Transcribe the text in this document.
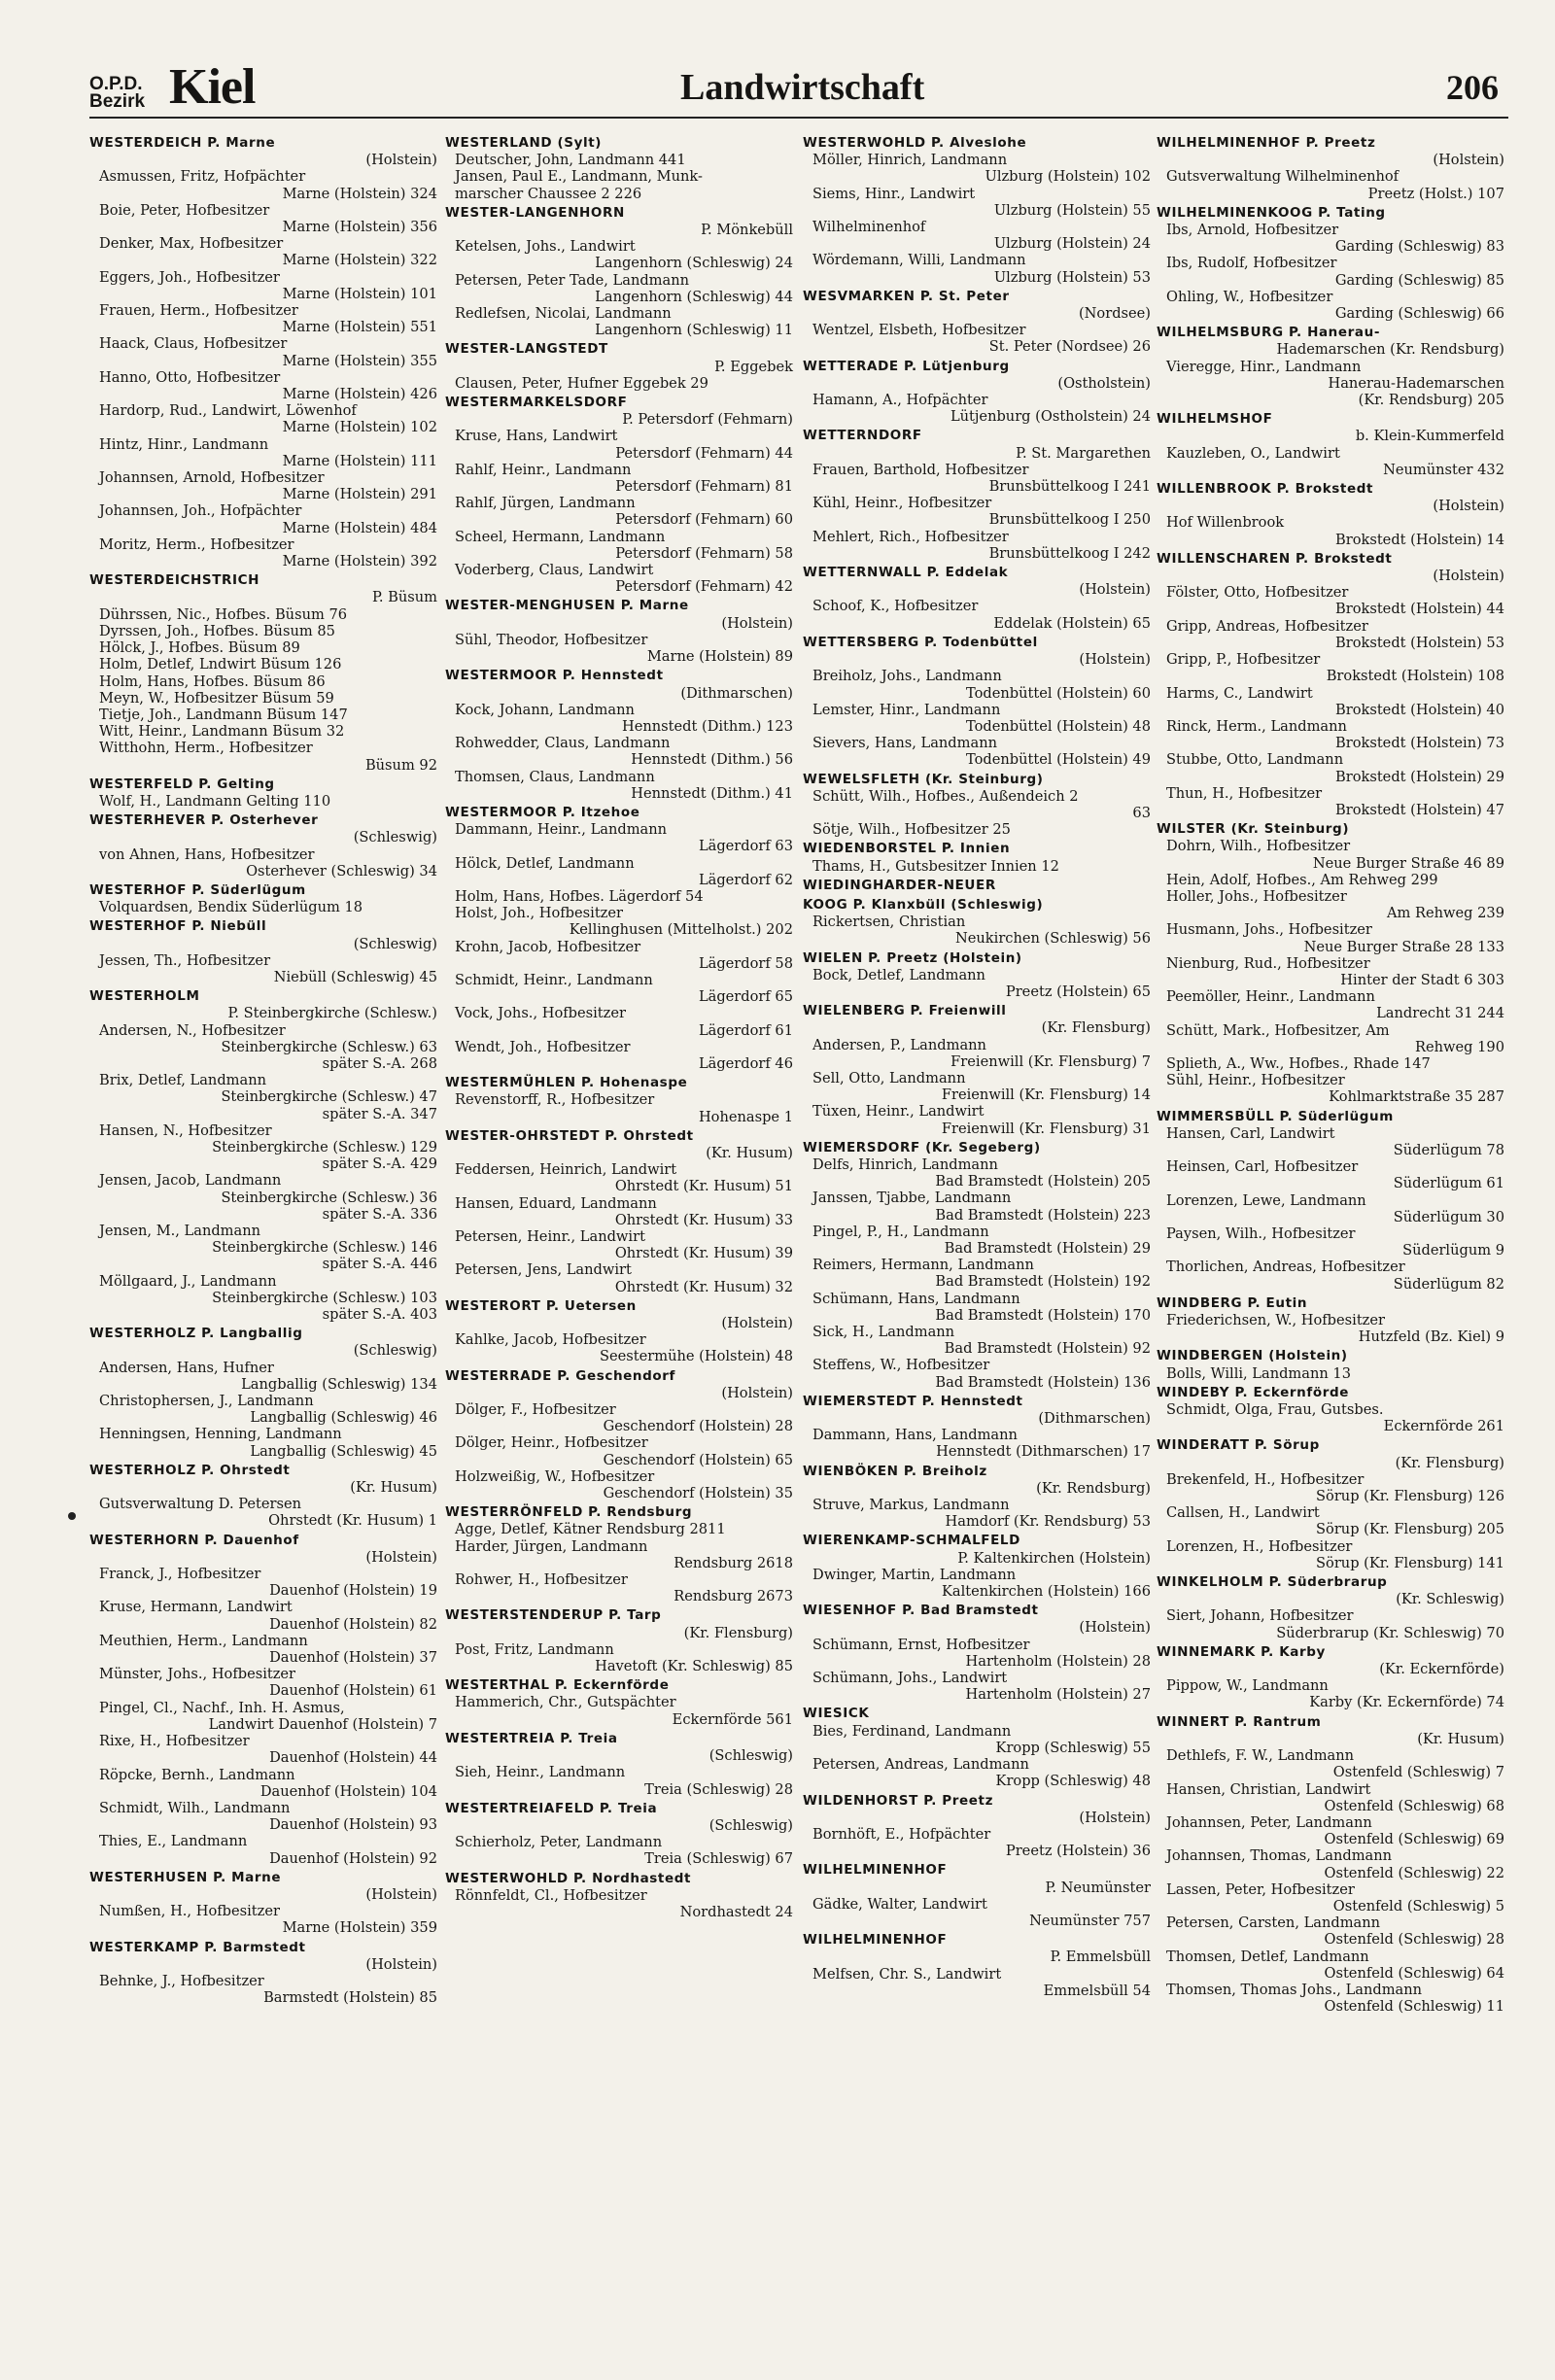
O.P.D.
Bezirk Kiel	Landwirtschaft	206
WESTERDEICH P. Marne
(Holstein)
Asmussen, Fritz, Hofpächter
Marne (Holstein) 324
Boie, Peter, Hofbesitzer
Marne (Holstein) 356
Denker, Max, Hofbesitzer
Marne (Holstein) 322
Eggers, Joh., Hofbesitzer
Marne (Holstein) 101
Frauen, Herm., Hofbesitzer
Marne (Holstein) 551
Haack, Claus, Hofbesitzer
Marne (Holstein) 355
Hanno, Otto, Hofbesitzer
Marne (Holstein) 426
Hardorp, Rud., Landwirt, Löwenhof
Marne (Holstein) 102
Hintz, Hinr., Landmann
Marne (Holstein) 111
Johannsen, Arnold, Hofbesitzer
Marne (Holstein) 291
Johannsen, Joh., Hofpächter
Marne (Holstein) 484
Moritz, Herm., Hofbesitzer
Marne (Holstein) 392
WESTERDEICHSTRICH
P. Büsum
Dührssen, Nic., Hofbes. Büsum 76
Dyrssen, Joh., Hofbes. Büsum 85
Hölck, J., Hofbes. Büsum 89
Holm, Detlef, Lndwirt Büsum 126
Holm, Hans, Hofbes. Büsum 86
Meyn, W., Hofbesitzer Büsum 59
Tietje, Joh., Landmann Büsum 147
Witt, Heinr., Landmann Büsum 32
Witthohn, Herm., Hofbesitzer
Büsum 92
WESTERFELD P. Gelting
Wolf, H., Landmann Gelting 110
WESTERHEVER P. Osterhever
(Schleswig)
von Ahnen, Hans, Hofbesitzer
Osterhever (Schleswig) 34
WESTERHOF P. Süderlügum
Volquardsen, Bendix Süderlügum 18
WESTERHOF P. Niebüll
(Schleswig)
Jessen, Th., Hofbesitzer
Niebüll (Schleswig) 45
WESTERHOLM
P. Steinbergkirche (Schlesw.)
Andersen, N., Hofbesitzer
Steinbergkirche (Schlesw.) 63
später S.-A. 268
Brix, Detlef, Landmann
Steinbergkirche (Schlesw.) 47
später S.-A. 347
Hansen, N., Hofbesitzer
Steinbergkirche (Schlesw.) 129
später S.-A. 429
Jensen, Jacob, Landmann
Steinbergkirche (Schlesw.) 36
später S.-A. 336
Jensen, M., Landmann
Steinbergkirche (Schlesw.) 146
später S.-A. 446
Möllgaard, J., Landmann
Steinbergkirche (Schlesw.) 103
später S.-A. 403
WESTERHOLZ P. Langballig
(Schleswig)
Andersen, Hans, Hufner
Langballig (Schleswig) 134
Christophersen, J., Landmann
Langballig (Schleswig) 46
Henningsen, Henning, Landmann
Langballig (Schleswig) 45
WESTERHOLZ P. Ohrstedt
(Kr. Husum)
Gutsverwaltung D. Petersen
Ohrstedt (Kr. Husum) 1
WESTERHORN P. Dauenhof
(Holstein)
Franck, J., Hofbesitzer
Dauenhof (Holstein) 19
Kruse, Hermann, Landwirt
Dauenhof (Holstein) 82
Meuthien, Herm., Landmann
Dauenhof (Holstein) 37
Münster, Johs., Hofbesitzer
Dauenhof (Holstein) 61
Pingel, Cl., Nachf., Inh. H. Asmus,
Landwirt Dauenhof (Holstein) 7
Rixe, H., Hofbesitzer
Dauenhof (Holstein) 44
Röpcke, Bernh., Landmann
Dauenhof (Holstein) 104
Schmidt, Wilh., Landmann
Dauenhof (Holstein) 93
Thies, E., Landmann
Dauenhof (Holstein) 92
WESTERHUSEN P. Marne
(Holstein)
Numßen, H., Hofbesitzer
Marne (Holstein) 359
WESTERKAMP P. Barmstedt
(Holstein)
Behnke, J., Hofbesitzer
Barmstedt (Holstein) 85
WESTERLAND (Sylt)
Deutscher, John, Landmann 441
Jansen, Paul E., Landmann, Munk-
marscher Chaussee 2 226
WESTER-LANGENHORN
P. Mönkebüll
Ketelsen, Johs., Landwirt
Langenhorn (Schleswig) 24
Petersen, Peter Tade, Landmann
Langenhorn (Schleswig) 44
Redlefsen, Nicolai, Landmann
Langenhorn (Schleswig) 11
WESTER-LANGSTEDT
P. Eggebek
Clausen, Peter, Hufner Eggebek 29
WESTERMARKELSDORF
P. Petersdorf (Fehmarn)
Kruse, Hans, Landwirt
Petersdorf (Fehmarn) 44
Rahlf, Heinr., Landmann
Petersdorf (Fehmarn) 81
Rahlf, Jürgen, Landmann
Petersdorf (Fehmarn) 60
Scheel, Hermann, Landmann
Petersdorf (Fehmarn) 58
Voderberg, Claus, Landwirt
Petersdorf (Fehmarn) 42
WESTER-MENGHUSEN P. Marne
(Holstein)
Sühl, Theodor, Hofbesitzer
Marne (Holstein) 89
WESTERMOOR P. Hennstedt
(Dithmarschen)
Kock, Johann, Landmann
Hennstedt (Dithm.) 123
Rohwedder, Claus, Landmann
Hennstedt (Dithm.) 56
Thomsen, Claus, Landmann
Hennstedt (Dithm.) 41
WESTERMOOR P. Itzehoe
Dammann, Heinr., Landmann
Lägerdorf 63
Hölck, Detlef, Landmann
Lägerdorf 62
Holm, Hans, Hofbes. Lägerdorf 54
Holst, Joh., Hofbesitzer
Kellinghusen (Mittelholst.) 202
Krohn, Jacob, Hofbesitzer
Lägerdorf 58
Schmidt, Heinr., Landmann
Lägerdorf 65
Vock, Johs., Hofbesitzer
Lägerdorf 61
Wendt, Joh., Hofbesitzer
Lägerdorf 46
WESTERMÜHLEN P. Hohenaspe
Revenstorff, R., Hofbesitzer
Hohenaspe 1
WESTER-OHRSTEDT P. Ohrstedt
(Kr. Husum)
Feddersen, Heinrich, Landwirt
Ohrstedt (Kr. Husum) 51
Hansen, Eduard, Landmann
Ohrstedt (Kr. Husum) 33
Petersen, Heinr., Landwirt
Ohrstedt (Kr. Husum) 39
Petersen, Jens, Landwirt
Ohrstedt (Kr. Husum) 32
WESTERORT P. Uetersen
(Holstein)
Kahlke, Jacob, Hofbesitzer
Seestermühe (Holstein) 48
WESTERRADE P. Geschendorf
(Holstein)
Dölger, F., Hofbesitzer
Geschendorf (Holstein) 28
Dölger, Heinr., Hofbesitzer
Geschendorf (Holstein) 65
Holzweißig, W., Hofbesitzer
Geschendorf (Holstein) 35
WESTERRÖNFELD P. Rendsburg
Agge, Detlef, Kätner Rendsburg 2811
Harder, Jürgen, Landmann
Rendsburg 2618
Rohwer, H., Hofbesitzer
Rendsburg 2673
WESTERSTENDERUP P. Tarp
(Kr. Flensburg)
Post, Fritz, Landmann
Havetoft (Kr. Schleswig) 85
WESTERTHAL P. Eckernförde
Hammerich, Chr., Gutspächter
Eckernförde 561
WESTERTREIA P. Treia
(Schleswig)
Sieh, Heinr., Landmann
Treia (Schleswig) 28
WESTERTREIAFELD P. Treia
(Schleswig)
Schierholz, Peter, Landmann
Treia (Schleswig) 67
WESTERWOHLD P. Nordhastedt
Rönnfeldt, Cl., Hofbesitzer
Nordhastedt 24
WESTERWOHLD P. Alveslohe
Möller, Hinrich, Landmann
Ulzburg (Holstein) 102
Siems, Hinr., Landwirt
Ulzburg (Holstein) 55
Wilhelminenhof
Ulzburg (Holstein) 24
Wördemann, Willi, Landmann
Ulzburg (Holstein) 53
WESVMARKEN P. St. Peter
(Nordsee)
Wentzel, Elsbeth, Hofbesitzer
St. Peter (Nordsee) 26
WETTERADE P. Lütjenburg
(Ostholstein)
Hamann, A., Hofpächter
Lütjenburg (Ostholstein) 24
WETTERNDORF
P. St. Margarethen
Frauen, Barthold, Hofbesitzer
Brunsbüttelkoog I 241
Kühl, Heinr., Hofbesitzer
Brunsbüttelkoog I 250
Mehlert, Rich., Hofbesitzer
Brunsbüttelkoog I 242
WETTERNWALL P. Eddelak
(Holstein)
Schoof, K., Hofbesitzer
Eddelak (Holstein) 65
WETTERSBERG P. Todenbüttel
(Holstein)
Breiholz, Johs., Landmann
Todenbüttel (Holstein) 60
Lemster, Hinr., Landmann
Todenbüttel (Holstein) 48
Sievers, Hans, Landmann
Todenbüttel (Holstein) 49
WEWELSFLETH (Kr. Steinburg)
Schütt, Wilh., Hofbes., Außendeich 2
63
Sötje, Wilh., Hofbesitzer 25
WIEDENBORSTEL P. Innien
Thams, H., Gutsbesitzer Innien 12
WIEDINGHARDER-NEUER
KOOG P. Klanxbüll (Schleswig)
Rickertsen, Christian
Neukirchen (Schleswig) 56
WIELEN P. Preetz (Holstein)
Bock, Detlef, Landmann
Preetz (Holstein) 65
WIELENBERG P. Freienwill
(Kr. Flensburg)
Andersen, P., Landmann
Freienwill (Kr. Flensburg) 7
Sell, Otto, Landmann
Freienwill (Kr. Flensburg) 14
Tüxen, Heinr., Landwirt
Freienwill (Kr. Flensburg) 31
WIEMERSDORF (Kr. Segeberg)
Delfs, Hinrich, Landmann
Bad Bramstedt (Holstein) 205
Janssen, Tjabbe, Landmann
Bad Bramstedt (Holstein) 223
Pingel, P., H., Landmann
Bad Bramstedt (Holstein) 29
Reimers, Hermann, Landmann
Bad Bramstedt (Holstein) 192
Schümann, Hans, Landmann
Bad Bramstedt (Holstein) 170
Sick, H., Landmann
Bad Bramstedt (Holstein) 92
Steffens, W., Hofbesitzer
Bad Bramstedt (Holstein) 136
WIEMERSTEDT P. Hennstedt
(Dithmarschen)
Dammann, Hans, Landmann
Hennstedt (Dithmarschen) 17
WIENBÖKEN P. Breiholz
(Kr. Rendsburg)
Struve, Markus, Landmann
Hamdorf (Kr. Rendsburg) 53
WIERENKAMP-SCHMALFELD
P. Kaltenkirchen (Holstein)
Dwinger, Martin, Landmann
Kaltenkirchen (Holstein) 166
WIESENHOF P. Bad Bramstedt
(Holstein)
Schümann, Ernst, Hofbesitzer
Hartenholm (Holstein) 28
Schümann, Johs., Landwirt
Hartenholm (Holstein) 27
WIESICK
Bies, Ferdinand, Landmann
Kropp (Schleswig) 55
Petersen, Andreas, Landmann
Kropp (Schleswig) 48
WILDENHORST P. Preetz
(Holstein)
Bornhöft, E., Hofpächter
Preetz (Holstein) 36
WILHELMINENHOF
P. Neumünster
Gädke, Walter, Landwirt
Neumünster 757
WILHELMINENHOF
P. Emmelsbüll
Melfsen, Chr. S., Landwirt
Emmelsbüll 54
WILHELMINENHOF P. Preetz
(Holstein)
Gutsverwaltung Wilhelminenhof
Preetz (Holst.) 107
WILHELMINENKOOG P. Tating
Ibs, Arnold, Hofbesitzer
Garding (Schleswig) 83
Ibs, Rudolf, Hofbesitzer
Garding (Schleswig) 85
Ohling, W., Hofbesitzer
Garding (Schleswig) 66
WILHELMSBURG P. Hanerau-
Hademarschen (Kr. Rendsburg)
Vieregge, Hinr., Landmann
Hanerau-Hademarschen
(Kr. Rendsburg) 205
WILHELMSHOF
b. Klein-Kummerfeld
Kauzleben, O., Landwirt
Neumünster 432
WILLENBROOK P. Brokstedt
(Holstein)
Hof Willenbrook
Brokstedt (Holstein) 14
WILLENSCHAREN P. Brokstedt
(Holstein)
Fölster, Otto, Hofbesitzer
Brokstedt (Holstein) 44
Gripp, Andreas, Hofbesitzer
Brokstedt (Holstein) 53
Gripp, P., Hofbesitzer
Brokstedt (Holstein) 108
Harms, C., Landwirt
Brokstedt (Holstein) 40
Rinck, Herm., Landmann
Brokstedt (Holstein) 73
Stubbe, Otto, Landmann
Brokstedt (Holstein) 29
Thun, H., Hofbesitzer
Brokstedt (Holstein) 47
WILSTER (Kr. Steinburg)
Dohrn, Wilh., Hofbesitzer
Neue Burger Straße 46 89
Hein, Adolf, Hofbes., Am Rehweg 299
Holler, Johs., Hofbesitzer
Am Rehweg 239
Husmann, Johs., Hofbesitzer
Neue Burger Straße 28 133
Nienburg, Rud., Hofbesitzer
Hinter der Stadt 6 303
Peemöller, Heinr., Landmann
Landrecht 31 244
Schütt, Mark., Hofbesitzer, Am
Rehweg 190
Splieth, A., Ww., Hofbes., Rhade 147
Sühl, Heinr., Hofbesitzer
Kohlmarktstraße 35 287
WIMMERSBÜLL P. Süderlügum
Hansen, Carl, Landwirt
Süderlügum 78
Heinsen, Carl, Hofbesitzer
Süderlügum 61
Lorenzen, Lewe, Landmann
Süderlügum 30
Paysen, Wilh., Hofbesitzer
Süderlügum 9
Thorlichen, Andreas, Hofbesitzer
Süderlügum 82
WINDBERG P. Eutin
Friederichsen, W., Hofbesitzer
Hutzfeld (Bz. Kiel) 9
WINDBERGEN (Holstein)
Bolls, Willi, Landmann 13
WINDEBY P. Eckernförde
Schmidt, Olga, Frau, Gutsbes.
Eckernförde 261
WINDERATT P. Sörup
(Kr. Flensburg)
Brekenfeld, H., Hofbesitzer
Sörup (Kr. Flensburg) 126
Callsen, H., Landwirt
Sörup (Kr. Flensburg) 205
Lorenzen, H., Hofbesitzer
Sörup (Kr. Flensburg) 141
WINKELHOLM P. Süderbrarup
(Kr. Schleswig)
Siert, Johann, Hofbesitzer
Süderbrarup (Kr. Schleswig) 70
WINNEMARK P. Karby
(Kr. Eckernförde)
Pippow, W., Landmann
Karby (Kr. Eckernförde) 74
WINNERT P. Rantrum
(Kr. Husum)
Dethlefs, F. W., Landmann
Ostenfeld (Schleswig) 7
Hansen, Christian, Landwirt
Ostenfeld (Schleswig) 68
Johannsen, Peter, Landmann
Ostenfeld (Schleswig) 69
Johannsen, Thomas, Landmann
Ostenfeld (Schleswig) 22
Lassen, Peter, Hofbesitzer
Ostenfeld (Schleswig) 5
Petersen, Carsten, Landmann
Ostenfeld (Schleswig) 28
Thomsen, Detlef, Landmann
Ostenfeld (Schleswig) 64
Thomsen, Thomas Johs., Landmann
Ostenfeld (Schleswig) 11
